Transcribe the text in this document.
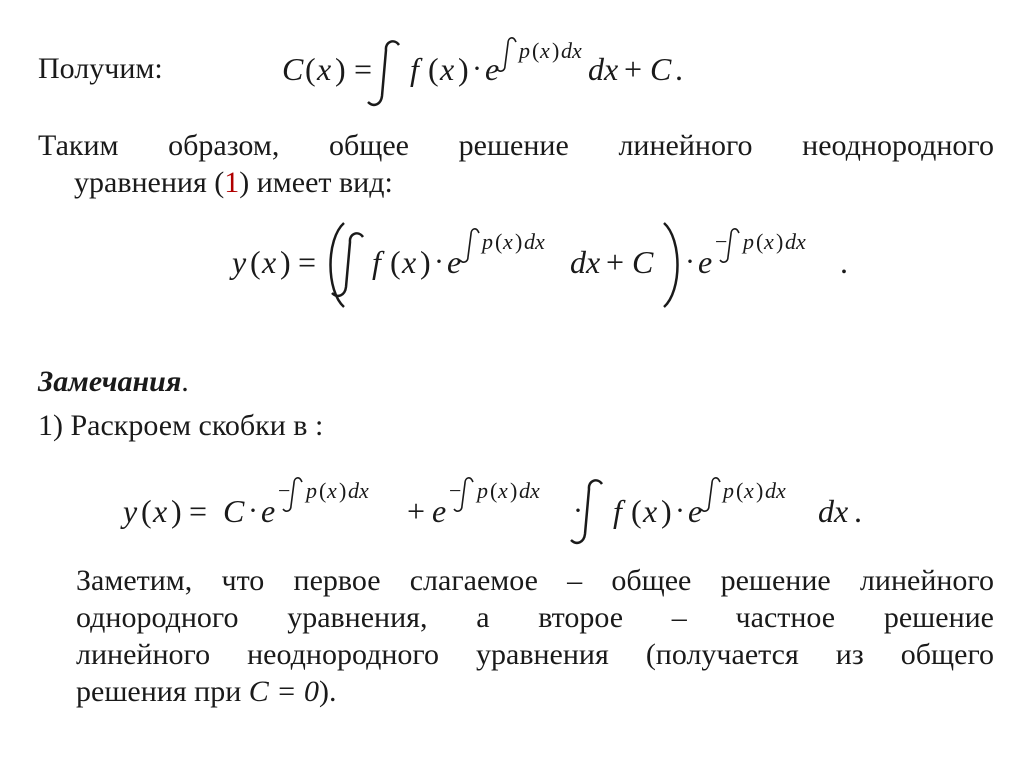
Получим:	C ( x ) = f ( x ) · e
p ( x ) dx
dx + C .
Таким образом, общее решение линейного неоднородного
уравнения (1) имеет вид:
y ( x ) = f ( x ) · e
p ( x ) dx
dx + C · e
− p ( x ) dx
.
Замечания.
1) Раскроем скобки в :
y ( x ) = C · e
− p ( x ) dx
+ e
− p ( x ) dx
· f ( x ) · e
p ( x ) dx
dx .
Заметим, что первое слагаемое – общее решение линейного
однородного уравнения, а второе – частное решение
линейного неоднородного уравнения (получается из общего
решения при C = 0).
